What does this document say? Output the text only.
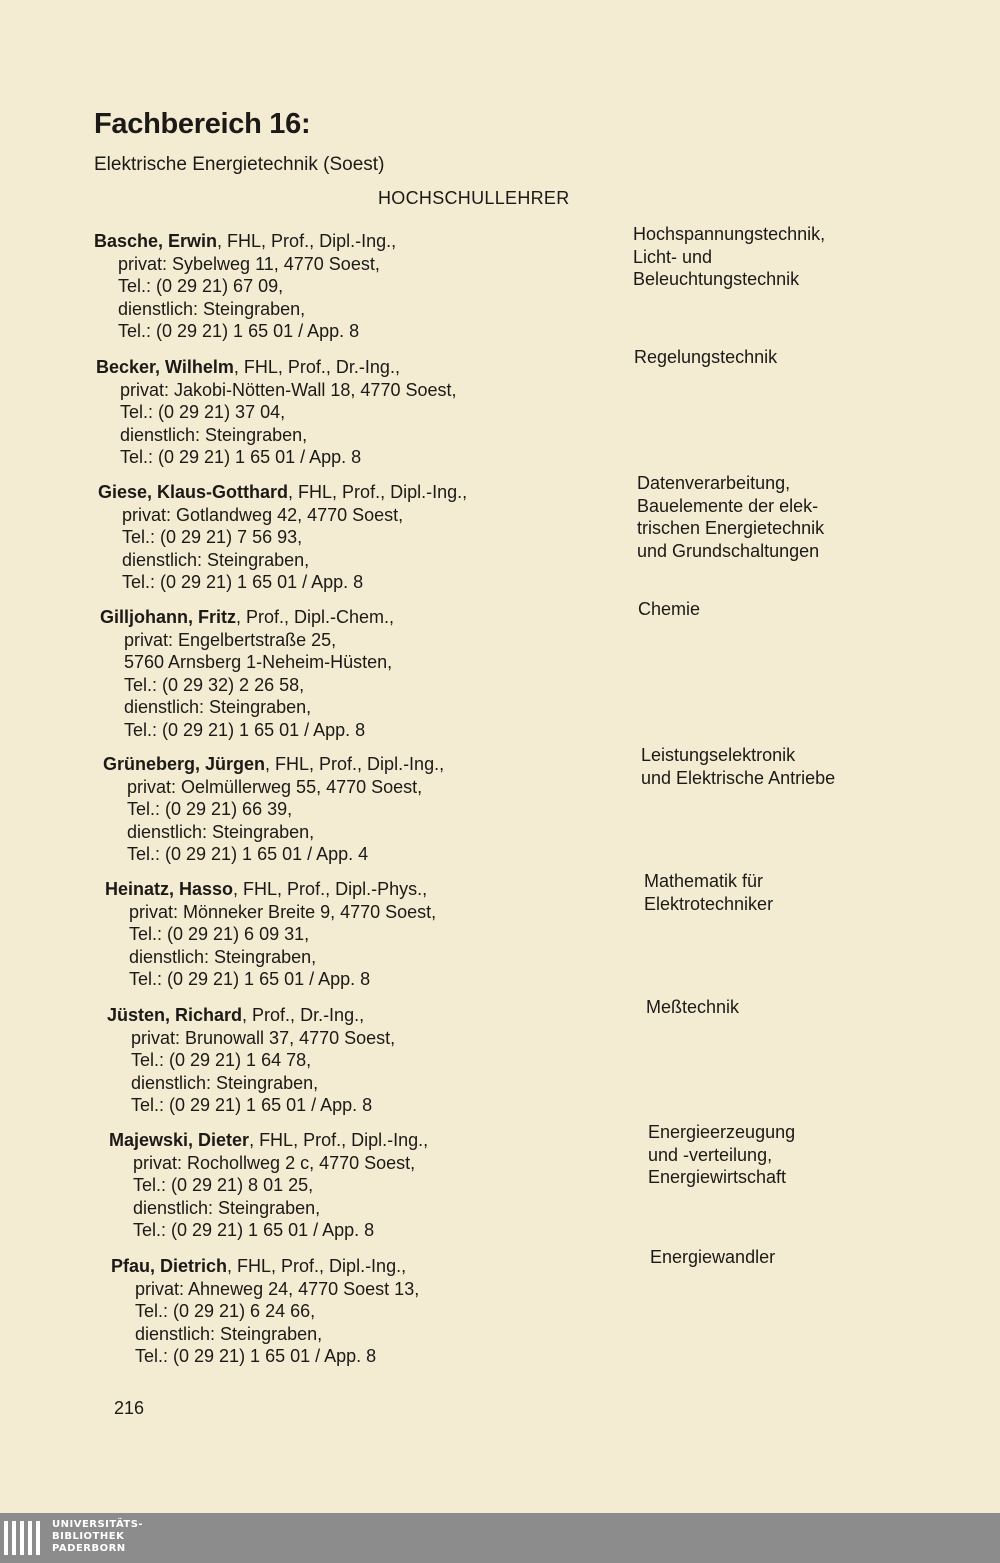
Fachbereich 16:
Elektrische Energietechnik (Soest)
HOCHSCHULLEHRER
Basche, Erwin, FHL, Prof., Dipl.-Ing.,
privat: Sybelweg 11, 4770 Soest,
Tel.: (0 29 21) 67 09,
dienstlich: Steingraben,
Tel.: (0 29 21) 1 65 01 / App. 8
Hochspannungstechnik,
Licht- und
Beleuchtungstechnik
Becker, Wilhelm, FHL, Prof., Dr.-Ing.,
privat: Jakobi-Nötten-Wall 18, 4770 Soest,
Tel.: (0 29 21) 37 04,
dienstlich: Steingraben,
Tel.: (0 29 21) 1 65 01 / App. 8
Regelungstechnik
Giese, Klaus-Gotthard, FHL, Prof., Dipl.-Ing.,
privat: Gotlandweg 42, 4770 Soest,
Tel.: (0 29 21) 7 56 93,
dienstlich: Steingraben,
Tel.: (0 29 21) 1 65 01 / App. 8
Datenverarbeitung,
Bauelemente der elek-
trischen Energietechnik
und Grundschaltungen
Gilljohann, Fritz, Prof., Dipl.-Chem.,
privat: Engelbertstraße 25,
5760 Arnsberg 1-Neheim-Hüsten,
Tel.: (0 29 32) 2 26 58,
dienstlich: Steingraben,
Tel.: (0 29 21) 1 65 01 / App. 8
Chemie
Grüneberg, Jürgen, FHL, Prof., Dipl.-Ing.,
privat: Oelmüllerweg 55, 4770 Soest,
Tel.: (0 29 21) 66 39,
dienstlich: Steingraben,
Tel.: (0 29 21) 1 65 01 / App. 4
Leistungselektronik
und Elektrische Antriebe
Heinatz, Hasso, FHL, Prof., Dipl.-Phys.,
privat: Mönneker Breite 9, 4770 Soest,
Tel.: (0 29 21) 6 09 31,
dienstlich: Steingraben,
Tel.: (0 29 21) 1 65 01 / App. 8
Mathematik für
Elektrotechniker
Jüsten, Richard, Prof., Dr.-Ing.,
privat: Brunowall 37, 4770 Soest,
Tel.: (0 29 21) 1 64 78,
dienstlich: Steingraben,
Tel.: (0 29 21) 1 65 01 / App. 8
Meßtechnik
Majewski, Dieter, FHL, Prof., Dipl.-Ing.,
privat: Rochollweg 2 c, 4770 Soest,
Tel.: (0 29 21) 8 01 25,
dienstlich: Steingraben,
Tel.: (0 29 21) 1 65 01 / App. 8
Energieerzeugung
und -verteilung,
Energiewirtschaft
Pfau, Dietrich, FHL, Prof., Dipl.-Ing.,
privat: Ahneweg 24, 4770 Soest 13,
Tel.: (0 29 21) 6 24 66,
dienstlich: Steingraben,
Tel.: (0 29 21) 1 65 01 / App. 8
Energiewandler
216
UNIVERSITÄTS-
BIBLIOTHEK
PADERBORN
